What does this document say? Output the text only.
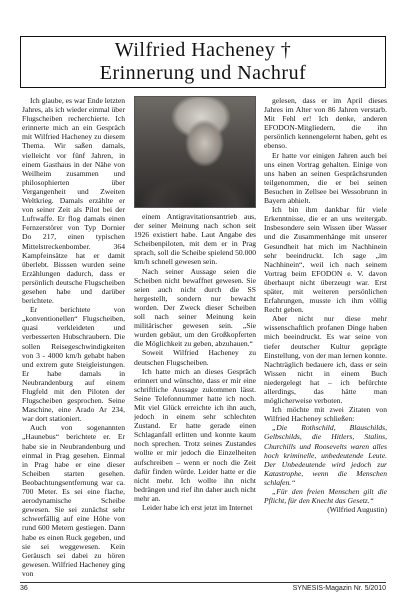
Wilfried Hacheney †
Erinnerung und Nachruf

Ich glaube, es war Ende letzten Jahres, als ich wieder einmal über Flugscheiben recherchierte. Ich erinnerte mich an ein Gespräch mit Wilfried Hacheney zu diesem Thema. Wir saßen damals, vielleicht vor fünf Jahren, in einem Gasthaus in der Nähe von Weilheim zusammen und philosophierten über Vergangenheit und Zweiten Weltkrieg. Damals erzählte er von seiner Zeit als Pilot bei der Luftwaffe. Er flog damals einen Fernzerstörer von Typ Dornier Do 217, einen typischen Mittelstreckenbomber. 364 Kampfeinsätze hat er damit überlebt. Bisssen wurden seine Erzählungen dadurch, dass er persönlich deutsche Flugscheiben gesehen habe und darüber berichtete.

Er berichtete von „konventionellen“ Flugscheiben, quasi verkleideten und verbesserten Hubschraubern. Die sollen Reisegeschwindigkeiten von 3 - 4000 km/h gehabt haben und extrem gute Steigleistungen. Er habe damals in Neubrandenburg auf einem Flugfeld mit den Piloten der Flugscheiben gesprochen. Seine Maschine, eine Arado Ar 234, war dort stationiert.

Auch von sogenannten „Haunebus“ berichtete er. Er habe sie in Neubrandenburg und einmal in Prag gesehen. Einmal in Prag habe er eine dieser Scheiben starten gesehen. Beobachtungsentfernung war ca. 700 Meter. Es sei eine flache, aerodynamische Scheibe gewesen. Sie sei zunächst sehr schwerfällig auf eine Höhe von rund 600 Metern gestiegen. Dann habe es einen Ruck gegeben, und sie sei weggewesen. Kein Geräusch sei dabei zu hören gewesen. Wilfried Hacheney ging von

einem Antigravitationsantrieb aus, der seiner Meinung nach schon seit 1926 existiert habe. Laut Angabe des Scheibenpiloten, mit dem er in Prag sprach, soll die Scheibe spielend 50.000 km/h schnell gewesen sein.

Nach seiner Aussage seien die Scheiben nicht bewaffnet gewesen. Sie seien auch nicht durch die SS hergestellt, sondern nur bewacht worden. Der Zweck dieser Scheiben soll nach seiner Meinung kein militärischer gewesen sein. „Sie wurden gebäut, um den Großkopferten die Möglichkeit zu geben, abzuhauen.“

Soweit Wilfried Hacheney zu deutschen Flugscheiben.

Ich hatte mich an dieses Gespräch erinnert und wünschte, dass er mir eine schriftliche Aussage zukommen lässt. Seine Telefonnummer hatte ich noch. Mit viel Glück erreichte ich ihn auch, jedoch in einem sehr schlechten Zustand. Er hatte gerade einen Schlaganfall erlitten und konnte kaum noch sprechen. Trotz seines Zustandes wollte er mir jedoch die Einzelheiten aufschreiben – wenn er noch die Zeit dafür finden würde. Leider hatte er die nicht mehr. Ich wollte ihn nicht bedrängen und rief ihn daher auch nicht mehr an.

Leider habe ich erst jetzt im Internet

gelesen, dass er im April dieses Jahres im Alter von 86 Jahren verstarb. Mit Fehl er! Ich denke, anderen EFODON-Mitgliedern, die ihn persönlich kennengelernt haben, geht es ebenso.

Er hatte vor einigen Jahren auch bei uns einen Vortrag gehalten. Einige von uns haben an seinen Gesprächsrunden teilgenommen, die er bei seinen Besuchen in Zellsee bei Wessobrunn in Bayern abhielt.

Ich bin ihm dankbar für viele Erkenntnisse, die er an uns weitergab. Insbesondere sein Wissen über Wasser und die Zusammenhänge mit unserer Gesundheit hat mich im Nachhinein sehr beeindruckt. Ich sage „im Nachhinein“, weil ich nach seinem Vortrag beim EFODON e. V. davon überhaupt nicht überzeugt war. Erst später, mit weiteren persönlichen Erfahrungen, musste ich ihm völlig Recht geben.

Aber nicht nur diese mehr wissenschaftlich profanen Dinge haben mich beeindruckt. Es war seine von tiefer deutscher Kultur geprägte Einstellung, von der man lernen konnte. Nachträglich bedauere ich, dass er sein Wissen nicht in einem Buch niedergelegt hat – ich befürchte allerdings, das hätte man möglicherweise verboten.

Ich möchte mit zwei Zitaten von Wilfried Hacheney schließen:

„Die Rothschild, Blauschilds, Gelbschilds, die Hitlers, Stalins, Churchills und Roosevelts waren alles hoch kriminelle, unbedeutende Leute. Der Unbedeutende wird jedoch zur Katastrophe, wenn die Menschen schlafen.“

„Für den freien Menschen gilt die Pflicht, für den Knecht das Gesetz.“

(Wilfried Augustin)

36	SYNESIS-Magazin Nr. 5/2010
